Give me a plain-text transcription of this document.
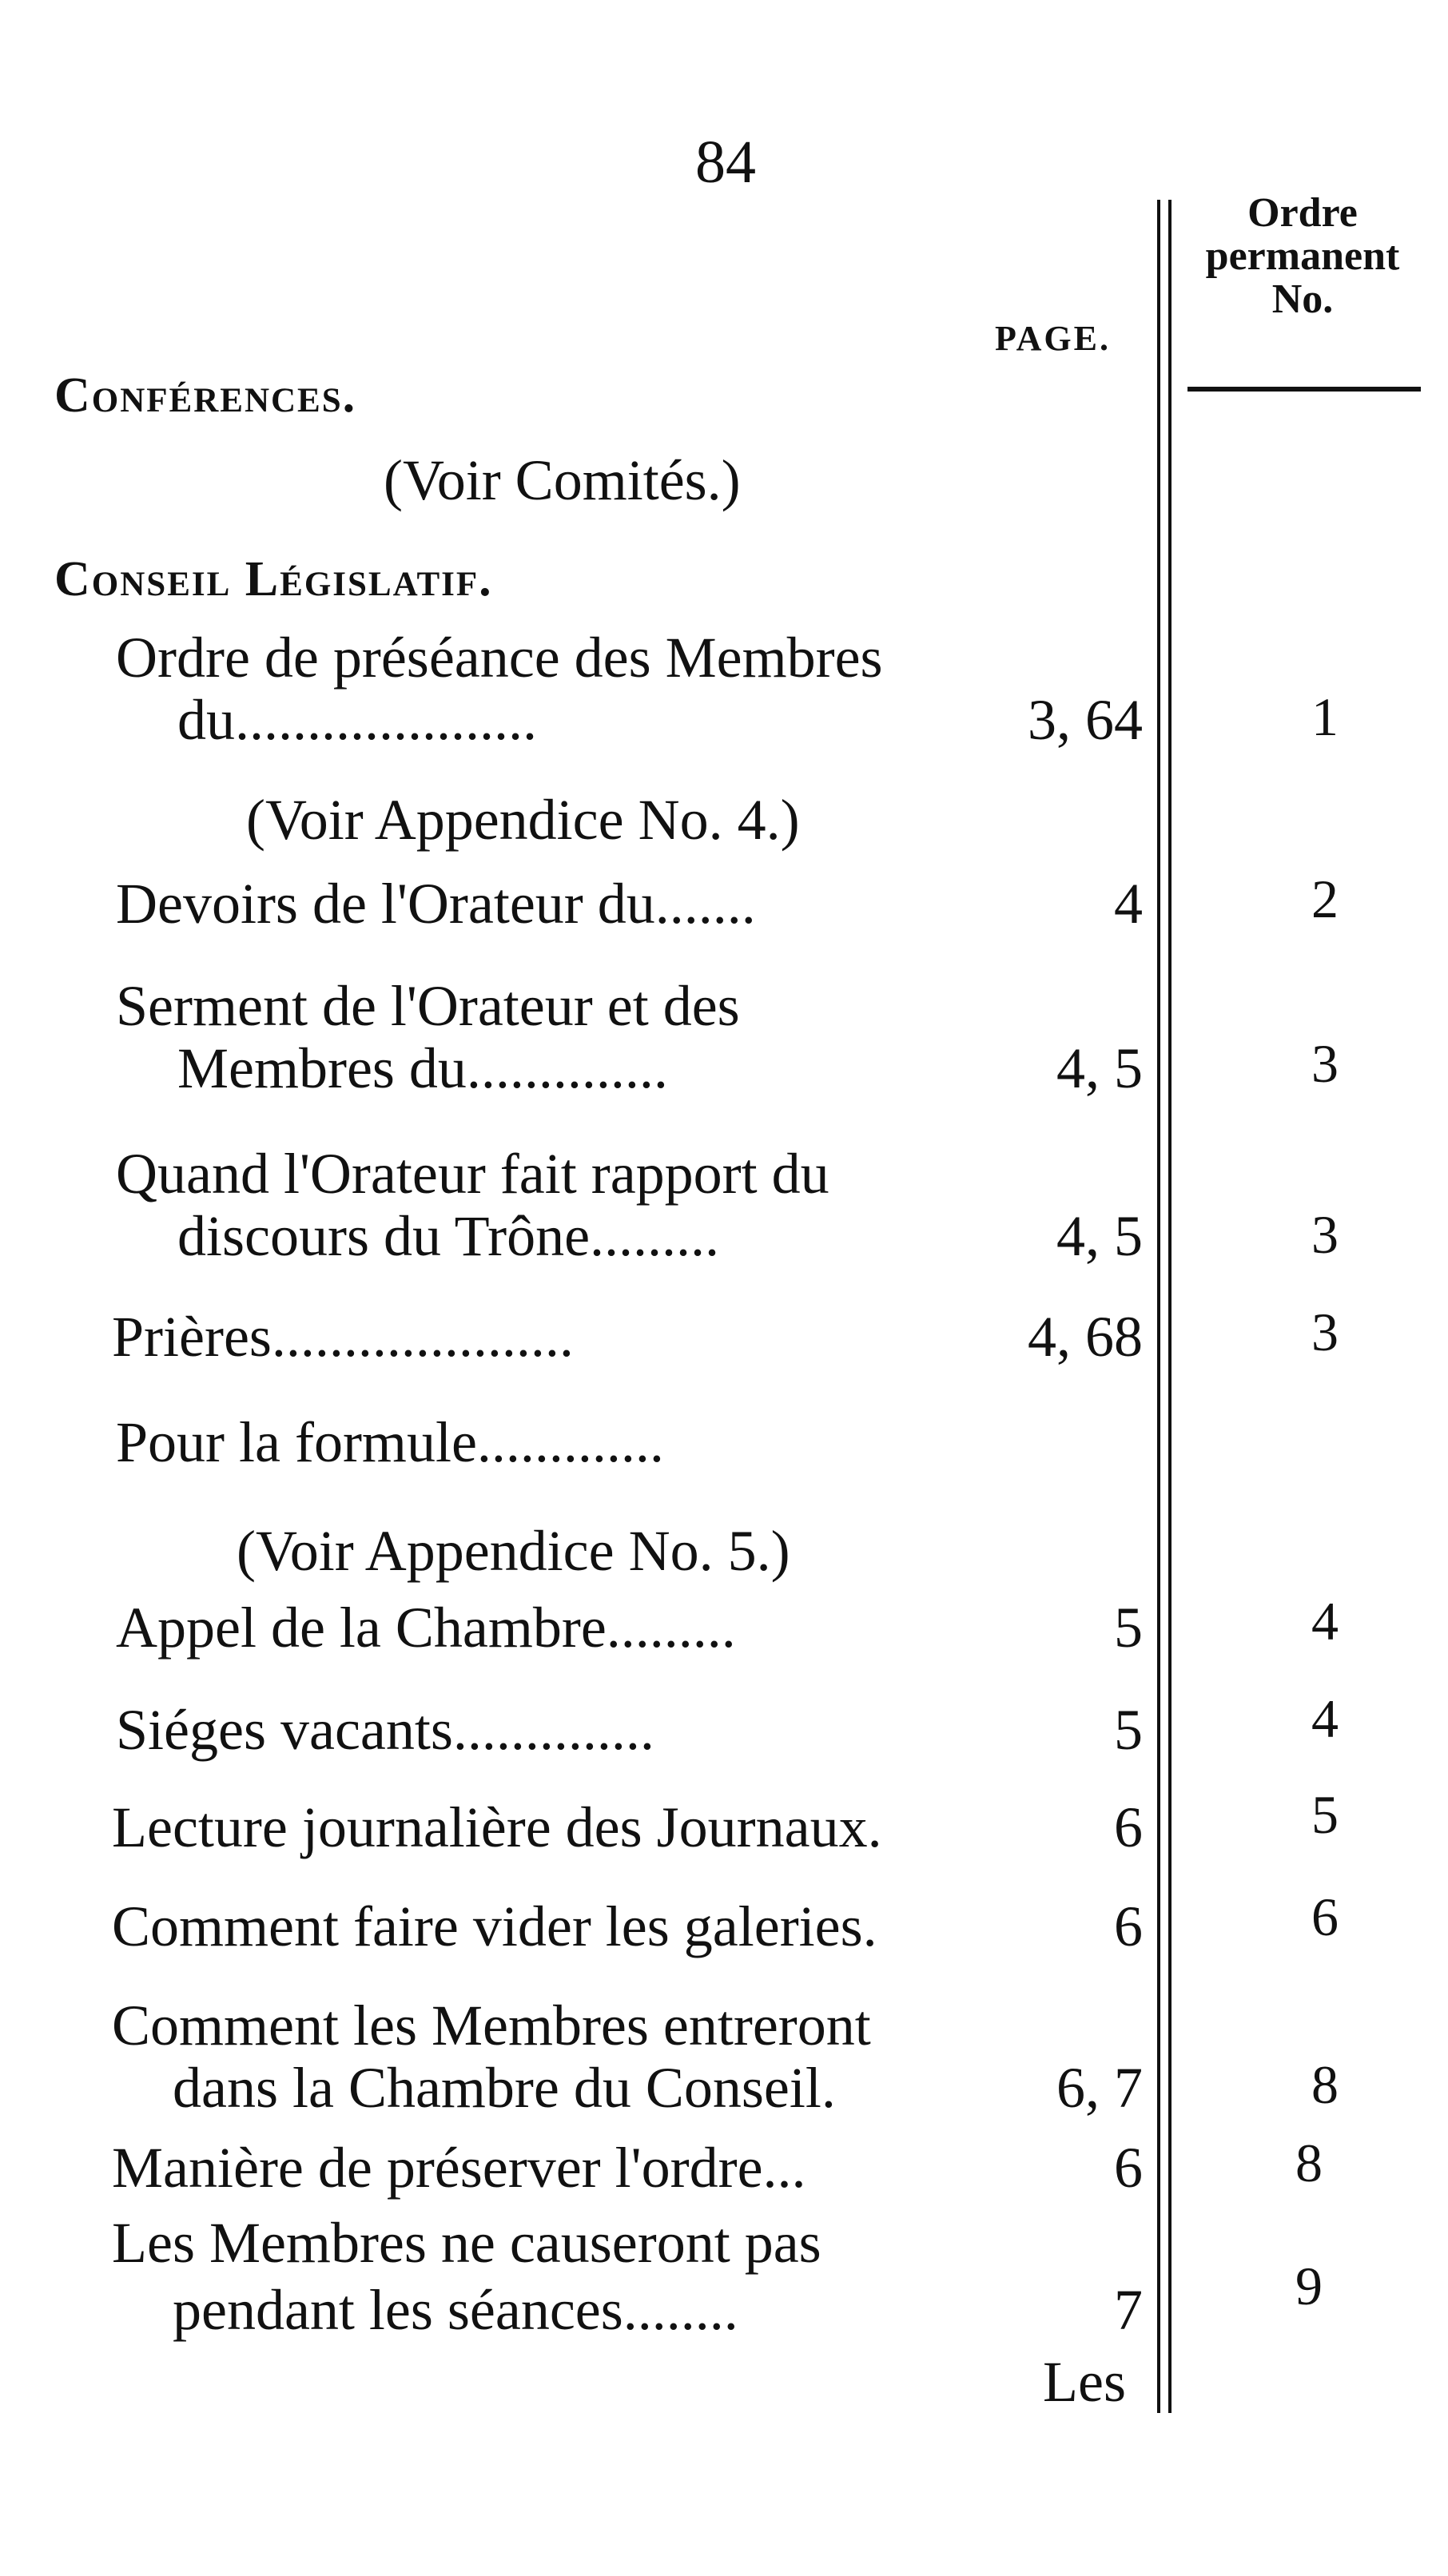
84
PAGE.
Ordre
permanent
No.
Conférences.
(Voir Comités.)
Conseil Législatif.
Ordre de préséance des Membres
du.....................	3, 64	1
(Voir Appendice No. 4.)
Devoirs de l'Orateur du.......	4	2
Serment de l'Orateur et des
Membres du..............	4, 5	3
Quand l'Orateur fait rapport du
discours du Trône.........	4, 5	3
Prières.....................	4, 68	3
Pour la formule.............
(Voir Appendice No. 5.)
Appel de la Chambre.........	5	4
Siéges vacants..............	5	4
Lecture journalière des Journaux.	6	5
Comment faire vider les galeries.	6	6
Comment les Membres entreront
dans la Chambre du Conseil.	6, 7	8
Manière de préserver l'ordre...	6	8
Les Membres ne causeront pas
pendant les séances........	7	9
Les
